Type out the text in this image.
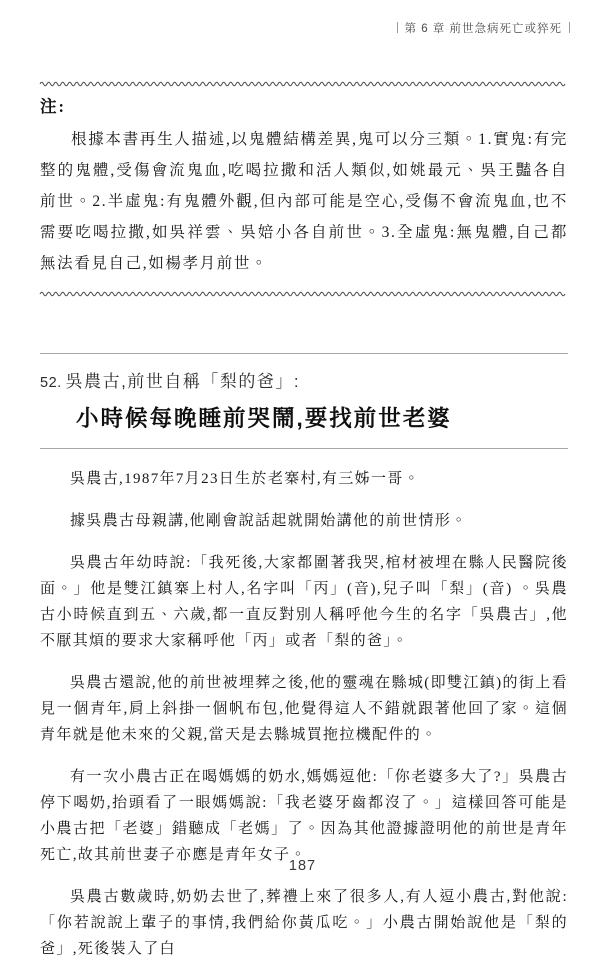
第 6 章 前世急病死亡或猝死
注:
根據本書再生人描述,以鬼體結構差異,鬼可以分三類。1.實鬼:有完整的鬼體,受傷會流鬼血,吃喝拉撒和活人類似,如姚最元、吳王豔各自前世。2.半虛鬼:有鬼體外觀,但內部可能是空心,受傷不會流鬼血,也不需要吃喝拉撒,如吳祥雲、吳婄小各自前世。3.全虛鬼:無鬼體,自己都無法看見自己,如楊孝月前世。
52. 吳農古,前世自稱「梨的爸」:
小時候每晚睡前哭鬧,要找前世老婆

吳農古,1987年7月23日生於老寨村,有三姊一哥。

據吳農古母親講,他剛會說話起就開始講他的前世情形。

吳農古年幼時說:「我死後,大家都圍著我哭,棺材被埋在縣人民醫院後面。」他是雙江鎮寨上村人,名字叫「丙」(音),兒子叫「梨」(音) 。吳農古小時候直到五、六歲,都一直反對別人稱呼他今生的名字「吳農古」,他不厭其煩的要求大家稱呼他「丙」或者「梨的爸」。

吳農古還說,他的前世被埋葬之後,他的靈魂在縣城(即雙江鎮)的街上看見一個青年,肩上斜掛一個帆布包,他覺得這人不錯就跟著他回了家。這個青年就是他未來的父親,當天是去縣城買拖拉機配件的。

有一次小農古正在喝媽媽的奶水,媽媽逗他:「你老婆多大了?」吳農古停下喝奶,抬頭看了一眼媽媽說:「我老婆牙齒都沒了。」這樣回答可能是小農古把「老婆」錯聽成「老媽」了。因為其他證據證明他的前世是青年死亡,故其前世妻子亦應是青年女子。

吳農古數歲時,奶奶去世了,葬禮上來了很多人,有人逗小農古,對他說:「你若說說上輩子的事情,我們給你黃瓜吃。」小農古開始說他是「梨的爸」,死後裝入了白

187
